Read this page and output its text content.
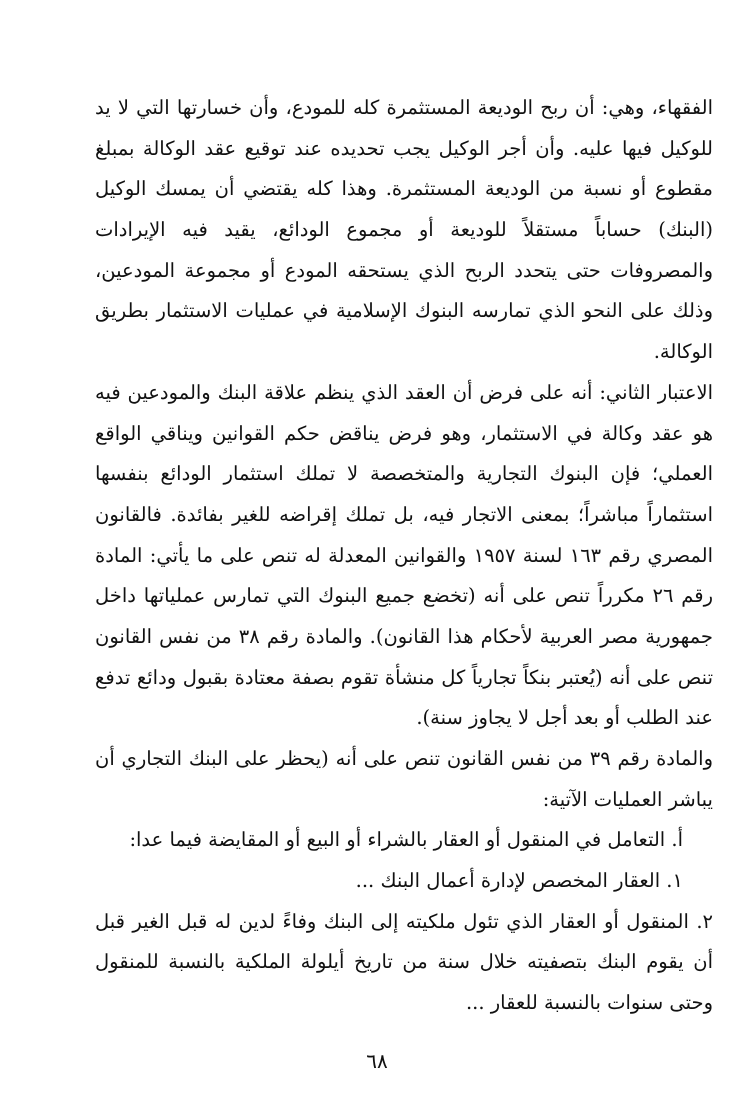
الفقهاء، وهي: أن ربح الوديعة المستثمرة كله للمودع، وأن خسارتها التي لا يد
للوكيل فيها عليه. وأن أجر الوكيل يجب تحديده عند توقيع عقد الوكالة بمبلغ
مقطوع أو نسبة من الوديعة المستثمرة. وهذا كله يقتضي أن يمسك الوكيل
(البنك) حساباً مستقلاً للوديعة أو مجموع الودائع، يقيد فيه الإيرادات
والمصروفات حتى يتحدد الربح الذي يستحقه المودع أو مجموعة المودعين،
وذلك على النحو الذي تمارسه البنوك الإسلامية في عمليات الاستثمار بطريق
الوكالة.
الاعتبار الثاني: أنه على فرض أن العقد الذي ينظم علاقة البنك والمودعين فيه
هو عقد وكالة في الاستثمار، وهو فرض يناقض حكم القوانين ويناقي الواقع
العملي؛ فإن البنوك التجارية والمتخصصة لا تملك استثمار الودائع بنفسها
استثماراً مباشراً؛ بمعنى الاتجار فيه، بل تملك إقراضه للغير بفائدة. فالقانون
المصري رقم ١٦٣ لسنة ١٩٥٧ والقوانين المعدلة له تنص على ما يأتي: المادة
رقم ٢٦ مكرراً تنص على أنه (تخضع جميع البنوك التي تمارس عملياتها داخل
جمهورية مصر العربية لأحكام هذا القانون). والمادة رقم ٣٨ من نفس القانون
تنص على أنه (يُعتبر بنكاً تجارياً كل منشأة تقوم بصفة معتادة بقبول ودائع تدفع
عند الطلب أو بعد أجل لا يجاوز سنة).
والمادة رقم ٣٩ من نفس القانون تنص على أنه (يحظر على البنك التجاري أن
يباشر العمليات الآتية:
أ. التعامل في المنقول أو العقار بالشراء أو البيع أو المقايضة فيما عدا:
١. العقار المخصص لإدارة أعمال البنك ...
٢. المنقول أو العقار الذي تئول ملكيته إلى البنك وفاءً لدين له قبل الغير قبل
أن يقوم البنك بتصفيته خلال سنة من تاريخ أيلولة الملكية بالنسبة للمنقول
وحتى سنوات بالنسبة للعقار ...
٦٨
